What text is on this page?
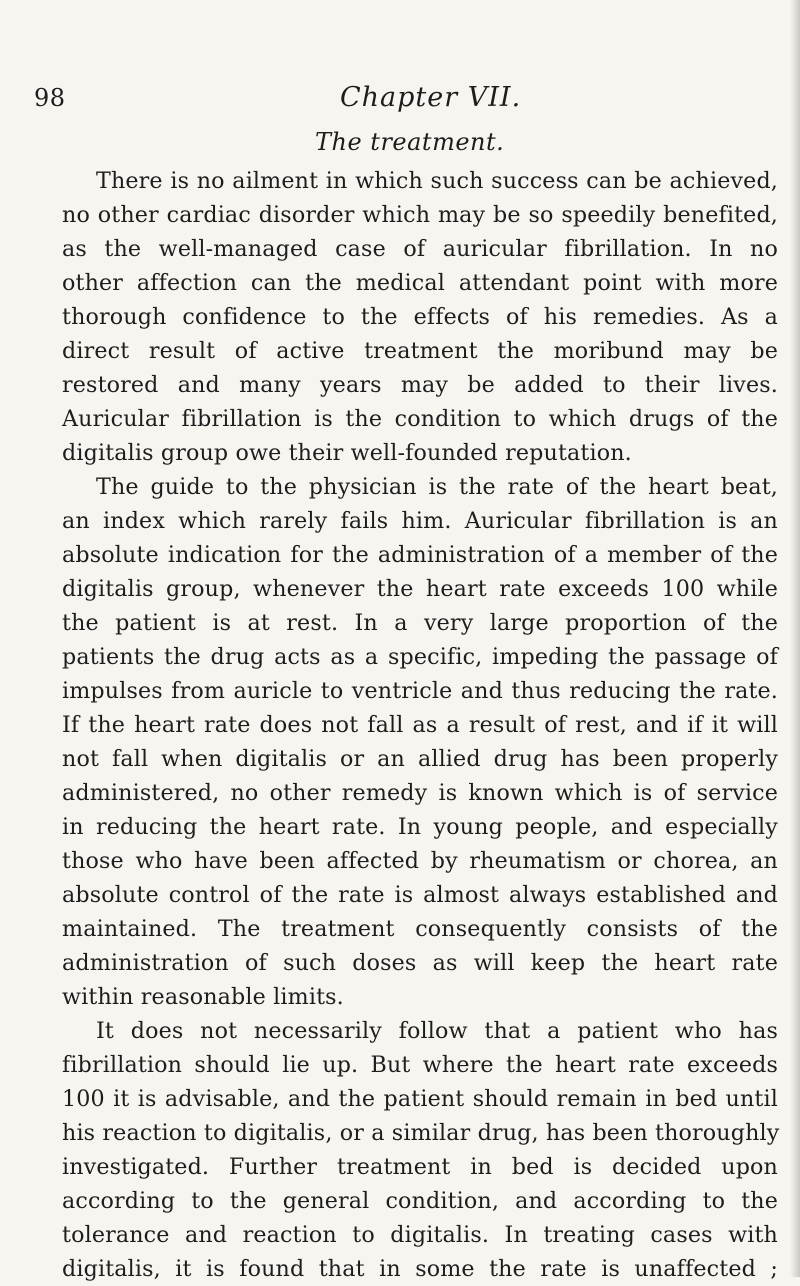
98	Chapter VII.
The treatment.
There is no ailment in which such success can be achieved,
no other cardiac disorder which may be so speedily benefited,
as the well-managed case of auricular fibrillation. In no
other affection can the medical attendant point with more
thorough confidence to the effects of his remedies. As a
direct result of active treatment the moribund may be
restored and many years may be added to their lives.
Auricular fibrillation is the condition to which drugs of the
digitalis group owe their well-founded reputation.
The guide to the physician is the rate of the heart beat,
an index which rarely fails him. Auricular fibrillation is an
absolute indication for the administration of a member of the
digitalis group, whenever the heart rate exceeds 100 while
the patient is at rest. In a very large proportion of the
patients the drug acts as a specific, impeding the passage of
impulses from auricle to ventricle and thus reducing the rate.
If the heart rate does not fall as a result of rest, and if it will
not fall when digitalis or an allied drug has been properly
administered, no other remedy is known which is of service
in reducing the heart rate. In young people, and especially
those who have been affected by rheumatism or chorea, an
absolute control of the rate is almost always established and
maintained. The treatment consequently consists of the
administration of such doses as will keep the heart rate
within reasonable limits.
It does not necessarily follow that a patient who has
fibrillation should lie up. But where the heart rate exceeds
100 it is advisable, and the patient should remain in bed until
his reaction to digitalis, or a similar drug, has been thoroughly
investigated. Further treatment in bed is decided upon
according to the general condition, and according to the
tolerance and reaction to digitalis. In treating cases with
digitalis, it is found that in some the rate is unaffected ;
